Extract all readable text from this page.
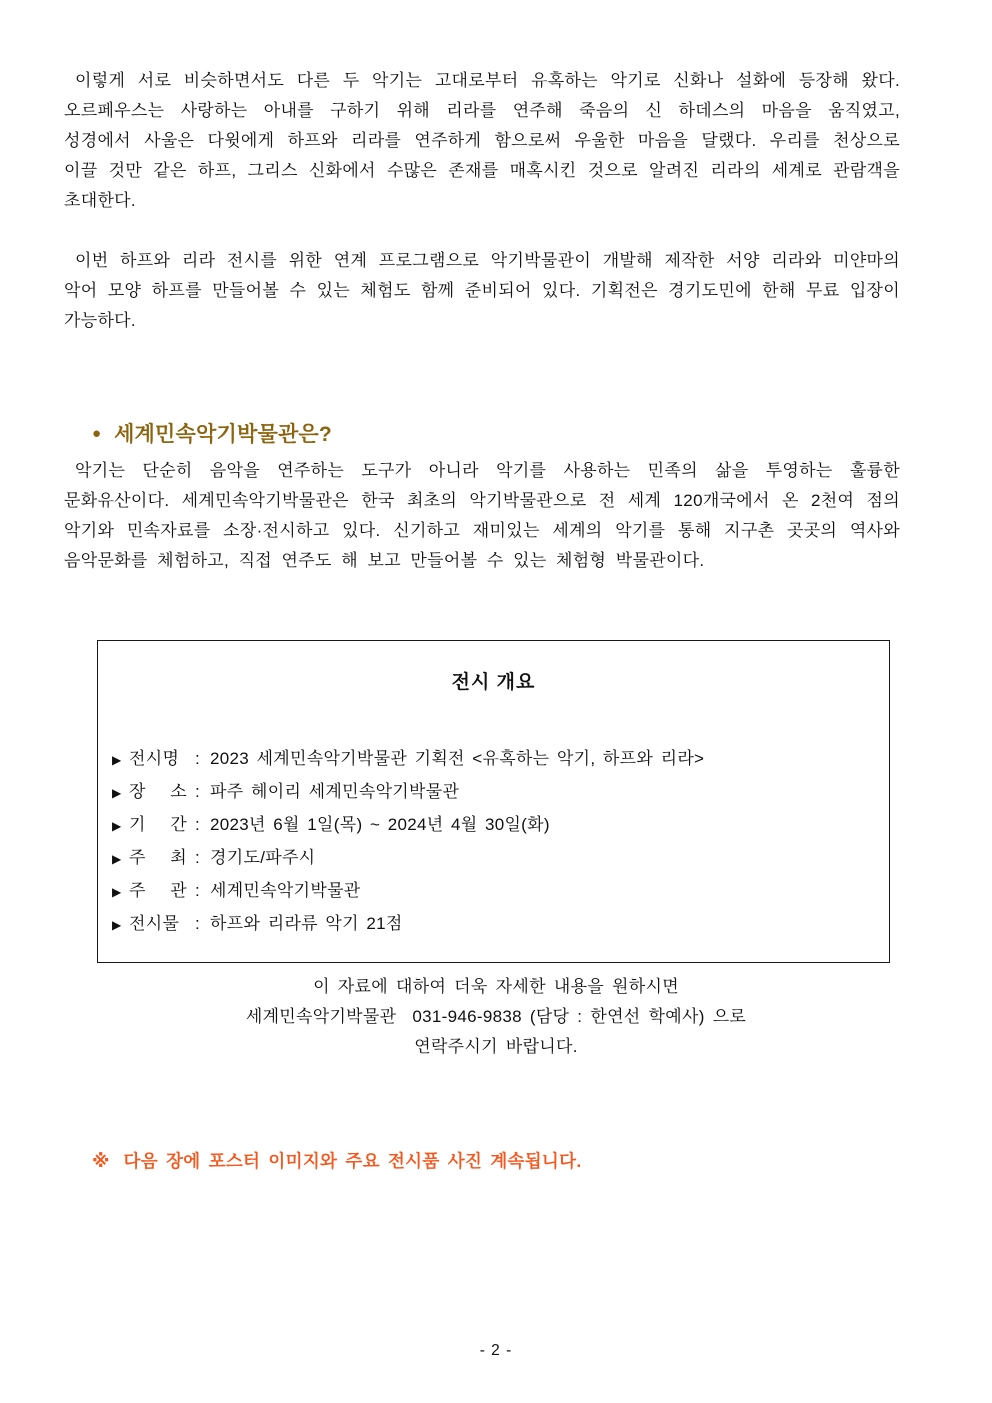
이렇게 서로 비슷하면서도 다른 두 악기는 고대로부터 유혹하는 악기로 신화나 설화에 등장해 왔다. 오르페우스는 사랑하는 아내를 구하기 위해 리라를 연주해 죽음의 신 하데스의 마음을 움직였고, 성경에서 사울은 다윗에게 하프와 리라를 연주하게 함으로써 우울한 마음을 달랬다. 우리를 천상으로 이끌 것만 같은 하프, 그리스 신화에서 수많은 존재를 매혹시킨 것으로 알려진 리라의 세계로 관람객을 초대한다.

이번 하프와 리라 전시를 위한 연계 프로그램으로 악기박물관이 개발해 제작한 서양 리라와 미얀마의 악어 모양 하프를 만들어볼 수 있는 체험도 함께 준비되어 있다. 기획전은 경기도민에 한해 무료 입장이 가능하다.

● 세계민속악기박물관은?

악기는 단순히 음악을 연주하는 도구가 아니라 악기를 사용하는 민족의 삶을 투영하는 훌륭한 문화유산이다. 세계민속악기박물관은 한국 최초의 악기박물관으로 전 세계 120개국에서 온 2천여 점의 악기와 민속자료를 소장·전시하고 있다. 신기하고 재미있는 세계의 악기를 통해 지구촌 곳곳의 역사와 음악문화를 체험하고, 직접 연주도 해 보고 만들어볼 수 있는 체험형 박물관이다.

전시 개요
▶ 전시명 : 2023 세계민속악기박물관 기획전 <유혹하는 악기, 하프와 리라>
▶ 장 소 : 파주 헤이리 세계민속악기박물관
▶ 기 간 : 2023년 6월 1일(목) ~ 2024년 4월 30일(화)
▶ 주 최 : 경기도/파주시
▶ 주 관 : 세계민속악기박물관
▶ 전시물 : 하프와 리라류 악기 21점
이 자료에 대하여 더욱 자세한 내용을 원하시면
세계민속악기박물관  031-946-9838 (담당 : 한연선 학예사) 으로
연락주시기 바랍니다.
※ 다음 장에 포스터 이미지와 주요 전시품 사진 계속됩니다.
- 2 -
